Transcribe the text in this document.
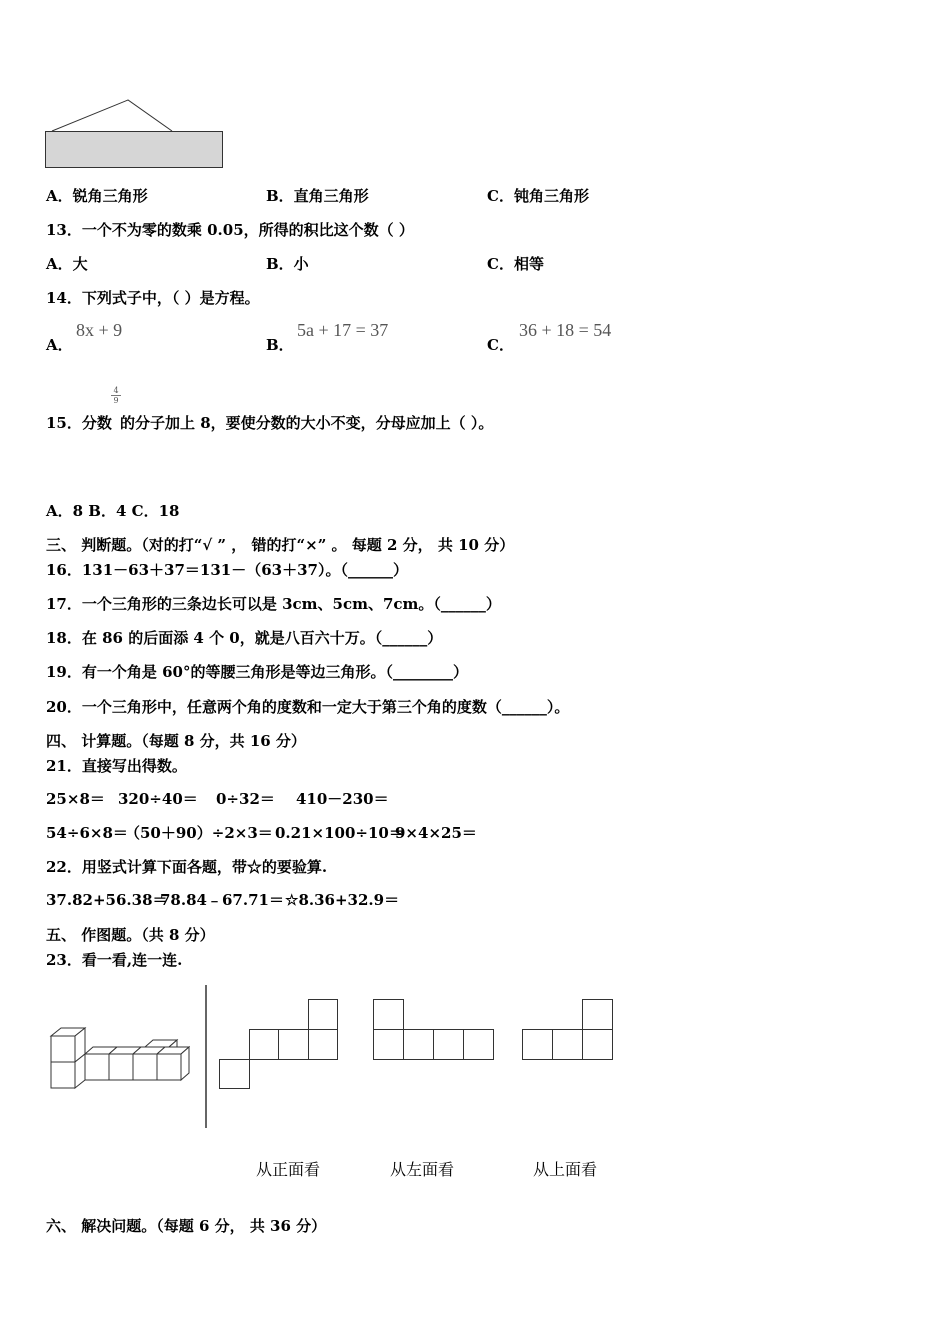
A．锐角三角形	B．直角三角形	C．钝角三角形
13．一个不为零的数乘 0.05，所得的积比这个数（ ）
A．大	B．小	C．相等
14．下列式子中，（ ）是方程。
A．
8x + 9
B．
5a + 17 = 37
C．
36 + 18 = 54
15．分数
$\frac{4}{9}$
的分子加上 8，要使分数的大小不变，分母应加上（ ）。
A．8 B．4 C．18
三、 判断题。（对的打“√ ” ， 错的打“×” 。 每题 2 分， 共 10 分）
16．131－63＋37＝131－（63＋37）。（______）
17．一个三角形的三条边长可以是 3cm、5cm、7cm。（______）
18．在 86 的后面添 4 个 0，就是八百六十万。（______）
19．有一个角是 60°的等腰三角形是等边三角形。（________）
20．一个三角形中，任意两个角的度数和一定大于第三个角的度数（______）。
四、 计算题。（每题 8 分，共 16 分）
21．直接写出得数。
25×8＝ 320÷40＝ 0÷32＝ 410－230＝
54÷6×8＝
（50＋90）÷2×3＝ 0.21×100÷10＝
9×4×25＝
22．用竖式计算下面各题，带☆的要验算.
37.82+56.38＝
78.84﹣67.71＝ ☆8.36+32.9＝
五、 作图题。（共 8 分）
23．看一看,连一连.
从正面看	从左面看	从上面看
六、 解决问题。（每题 6 分， 共 36 分）
